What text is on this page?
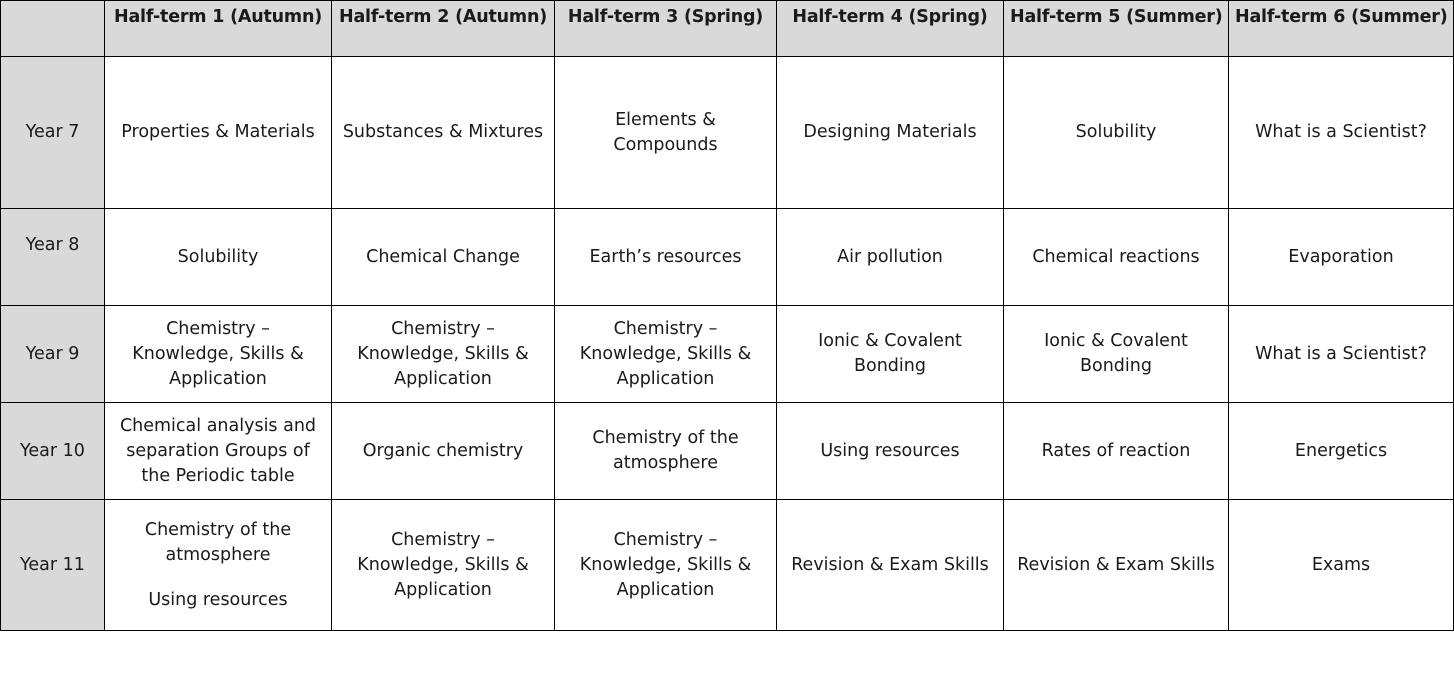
	Half-term 1 (Autumn)	Half-term 2 (Autumn)	Half-term 3 (Spring)	Half-term 4 (Spring)	Half-term 5 (Summer)	Half-term 6 (Summer)
Year 7	Properties & Materials	Substances & Mixtures	Elements &
Compounds	Designing Materials	Solubility	What is a Scientist?
Year 8	Solubility	Chemical Change	Earth’s resources	Air pollution	Chemical reactions	Evaporation
Year 9	Chemistry –
Knowledge, Skills &
Application	Chemistry –
Knowledge, Skills &
Application	Chemistry –
Knowledge, Skills &
Application	Ionic & Covalent
Bonding	Ionic & Covalent
Bonding	What is a Scientist?
Year 10	Chemical analysis and
separation Groups of
the Periodic table	Organic chemistry	Chemistry of the
atmosphere	Using resources	Rates of reaction	Energetics
Year 11	Chemistry of the
atmosphere
Using resources	Chemistry –
Knowledge, Skills &
Application	Chemistry –
Knowledge, Skills &
Application	Revision & Exam Skills	Revision & Exam Skills	Exams
